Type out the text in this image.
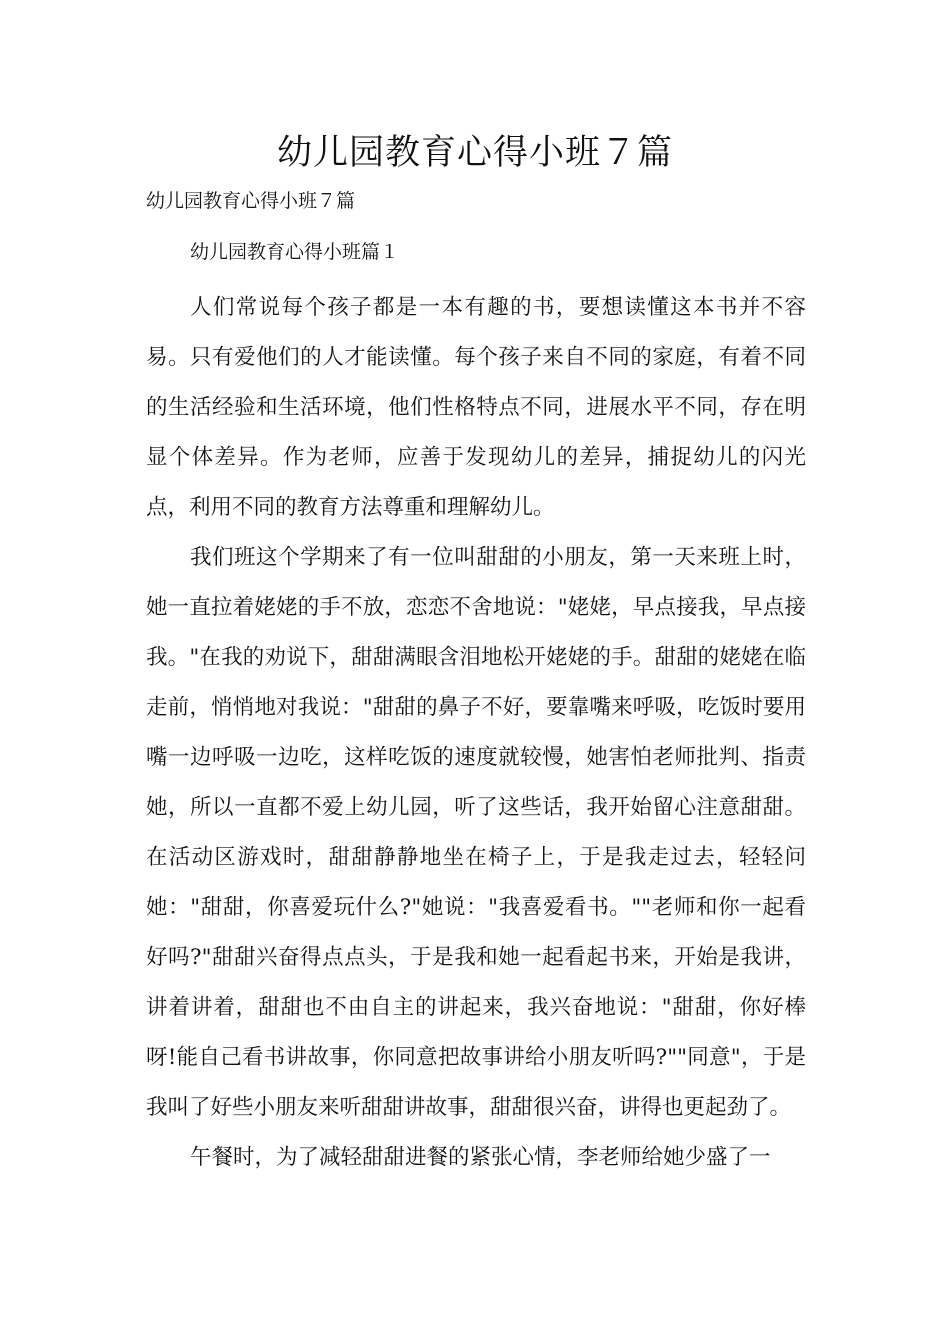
幼儿园教育心得小班７篇

幼儿园教育心得小班７篇

幼儿园教育心得小班篇１

人们常说每个孩子都是一本有趣的书，要想读懂这本书并不容易。只有爱他们的人才能读懂。每个孩子来自不同的家庭，有着不同的生活经验和生活环境，他们性格特点不同，进展水平不同，存在明显个体差异。作为老师，应善于发现幼儿的差异，捕捉幼儿的闪光点，利用不同的教育方法尊重和理解幼儿。

我们班这个学期来了有一位叫甜甜的小朋友，第一天来班上时，她一直拉着姥姥的手不放，恋恋不舍地说："姥姥，早点接我，早点接我。"在我的劝说下，甜甜满眼含泪地松开姥姥的手。甜甜的姥姥在临走前，悄悄地对我说："甜甜的鼻子不好，要靠嘴来呼吸，吃饭时要用嘴一边呼吸一边吃，这样吃饭的速度就较慢，她害怕老师批判、指责她，所以一直都不爱上幼儿园，听了这些话，我开始留心注意甜甜。在活动区游戏时，甜甜静静地坐在椅子上，于是我走过去，轻轻问她："甜甜，你喜爱玩什么?"她说："我喜爱看书。""老师和你一起看好吗?"甜甜兴奋得点点头，于是我和她一起看起书来，开始是我讲，讲着讲着，甜甜也不由自主的讲起来，我兴奋地说："甜甜，你好棒呀!能自己看书讲故事，你同意把故事讲给小朋友听吗?""同意"，于是我叫了好些小朋友来听甜甜讲故事，甜甜很兴奋，讲得也更起劲了。

午餐时，为了减轻甜甜进餐的紧张心情，李老师给她少盛了一
